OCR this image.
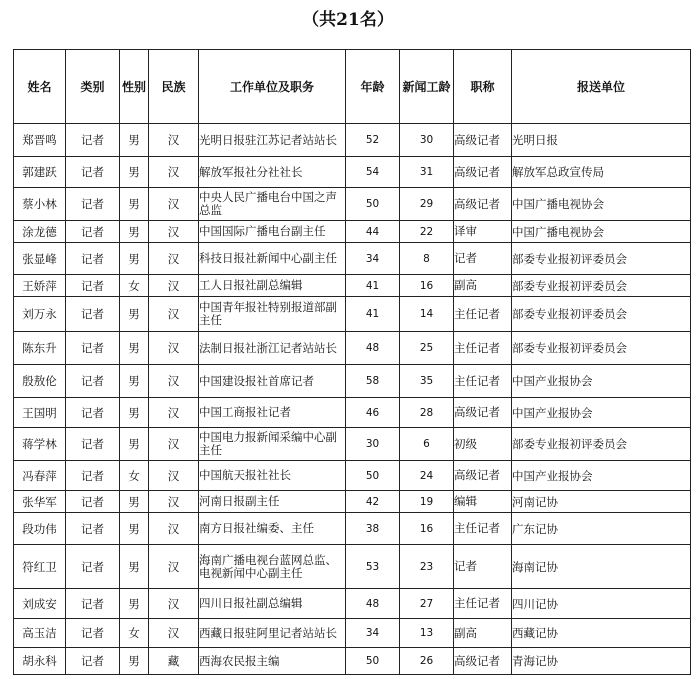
（共21名）
姓名	类别	性别	民族	工作单位及职务	年龄	新闻工龄	职称	报送单位
郑晋鸣	记者	男	汉	光明日报驻江苏记者站站长	52	30	高级记者	光明日报
郭建跃	记者	男	汉	解放军报社分社社长	54	31	高级记者	解放军总政宣传局
蔡小林	记者	男	汉	中央人民广播电台中国之声总监	50	29	高级记者	中国广播电视协会
涂龙德	记者	男	汉	中国国际广播电台副主任	44	22	译审	中国广播电视协会
张显峰	记者	男	汉	科技日报社新闻中心副主任	34	8	记者	部委专业报初评委员会
王娇萍	记者	女	汉	工人日报社副总编辑	41	16	副高	部委专业报初评委员会
刘万永	记者	男	汉	中国青年报社特别报道部副主任	41	14	主任记者	部委专业报初评委员会
陈东升	记者	男	汉	法制日报社浙江记者站站长	48	25	主任记者	部委专业报初评委员会
殷敖伦	记者	男	汉	中国建设报社首席记者	58	35	主任记者	中国产业报协会
王国明	记者	男	汉	中国工商报社记者	46	28	高级记者	中国产业报协会
蒋学林	记者	男	汉	中国电力报新闻采编中心副主任	30	6	初级	部委专业报初评委员会
冯春萍	记者	女	汉	中国航天报社社长	50	24	高级记者	中国产业报协会
张华军	记者	男	汉	河南日报副主任	42	19	编辑	河南记协
段功伟	记者	男	汉	南方日报社编委、主任	38	16	主任记者	广东记协
符红卫	记者	男	汉	海南广播电视台蓝网总监、电视新闻中心副主任	53	23	记者	海南记协
刘成安	记者	男	汉	四川日报社副总编辑	48	27	主任记者	四川记协
高玉洁	记者	女	汉	西藏日报驻阿里记者站站长	34	13	副高	西藏记协
胡永科	记者	男	藏	西海农民报主编	50	26	高级记者	青海记协
